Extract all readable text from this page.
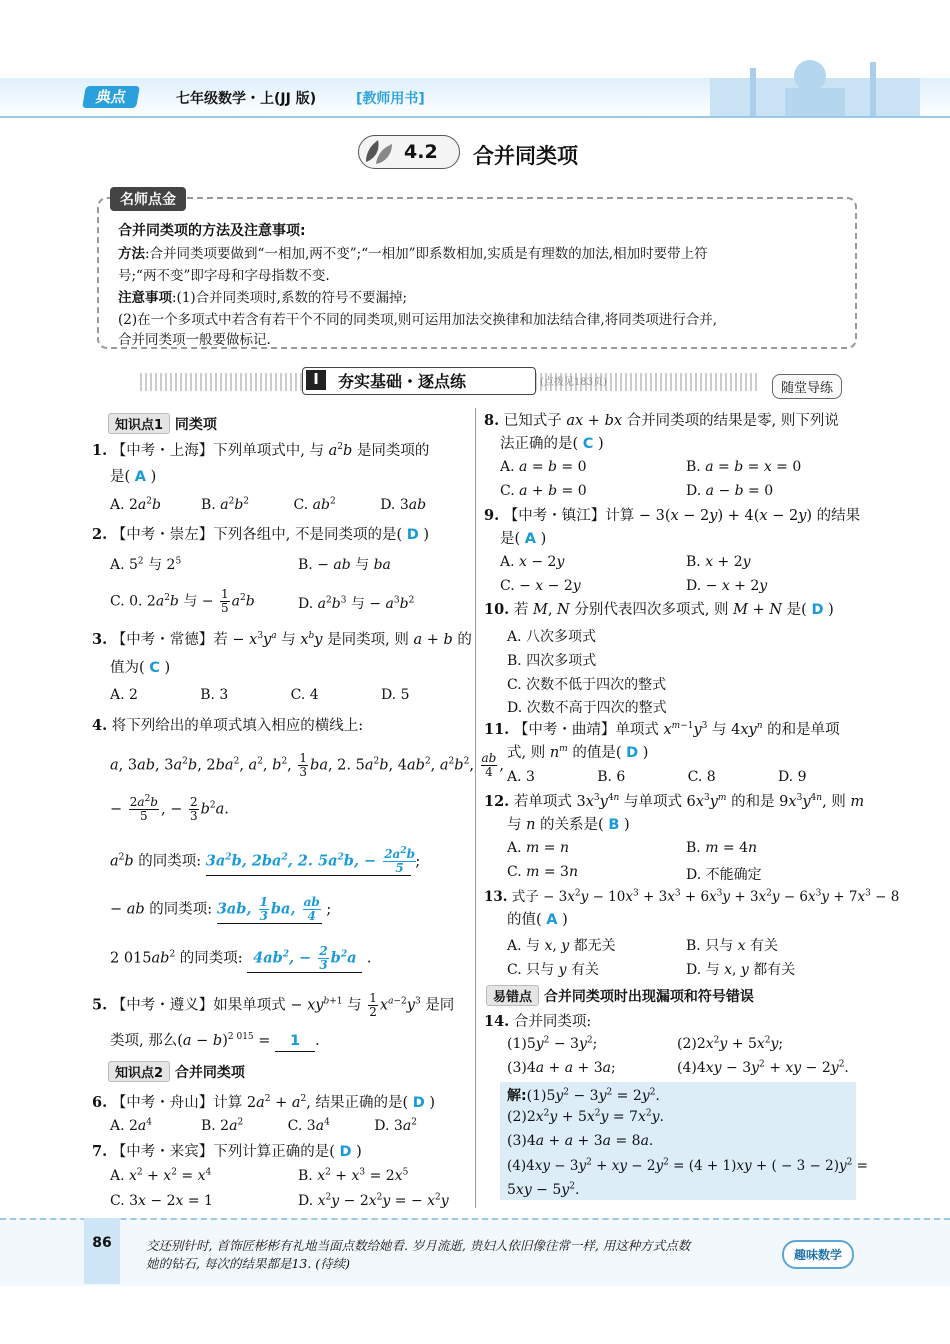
典点	七年级数学・上(JJ 版)	[教师用书]
4.2 合并同类项
名师点金
合并同类项的方法及注意事项:
方法:合并同类项要做到“一相加,两不变”;“一相加”即系数相加,实质是有理数的加法,相加时要带上符
号;“两不变”即字母和字母指数不变.
注意事项:(1)合并同类项时,系数的符号不要漏掉;
(2)在一个多项式中若含有若干个不同的同类项,则可运用加法交换律和加法结合律,将同类项进行合并,
合并同类项一般要做标记.
I	夯实基础・逐点练	(点拨见183页)	随堂导练
知识点1 同类项
1. 【中考・上海】下列单项式中, 与 $a^2b$ 是同类项的
是( A )
A. $2a^2b$         B. $a^2b^2$          C. $ab^2$          D. 3ab
2. 【中考・崇左】下列各组中, 不是同类项的是( D )
A. $5^2$ 与 $2^5$	B. − ab 与 ba
C. 0. $2a^2b$ 与 − $\frac{1}{5} a^2b$	D. $a^2b^3$ 与 − $a^3b^2$
3. 【中考・常德】若 − $x^3y^a$ 与 $x^by$ 是同类项, 则 a + b 的
值为( C )
A. 2              B. 3              C. 4              D. 5
4. 将下列给出的单项式填入相应的横线上:
a, 3ab, $3a^2b$, $2ba^2$, $a^2$, $b^2$, $\frac{1}{3}$ ba, 2. $5a^2b$, $4ab^2$, $a^2b^2$, $\frac{ab}{4}$ ,
− $\frac{2a^2b}{5}$ , − $\frac{2}{3} b^2a$.
$a^2b$ 的同类项: $3a^2b$, $2ba^2$, 2. $5a^2b$, − $\frac{2a^2b}{5}$
;
− ab 的同类项: 3ab, $\frac{1}{3}$ ba, $\frac{ab}{4}$ ;
2 $015ab^2$ 的同类项: $4ab^2$, − $\frac{2}{3} b^2a$ .
5. 【中考・遵义】如果单项式 − $xy^{b+1}$ 与 $\frac{1}{2} x^{a-2}y^3$ 是同
类项, 那么$(a - b)^{2 015} = 1$ .
知识点2 合并同类项
6. 【中考・舟山】计算 $2a^2 + a^2$, 结果正确的是( D )
A. $2a^4$           B. $2a^2$          C. $3a^4$          D. $3a^2$
7. 【中考・来宾】下列计算正确的是( D )
A. $x^2 + x^2 = x^4$	B. $x^2 + x^3 = 2x^5$
C. 3x − 2x = 1	D. $x^2y - 2x^2y$ = − $x^2y$
8. 已知式子 ax + bx 合并同类项的结果是零, 则下列说
法正确的是( C )
A. a = b = 0	B. a = b = x = 0
C. a + b = 0	D. a − b = 0
9. 【中考・镇江】计算 − 3(x − 2y) + 4(x − 2y) 的结果
是( A )
A. x − 2y	B. x + 2y
C. − x − 2y	D. − x + 2y
10. 若 M, N 分别代表四次多项式, 则 M + N 是( D )
A. 八次多项式
B. 四次多项式
C. 次数不低于四次的整式
D. 次数不高于四次的整式
11. 【中考・曲靖】单项式 $x^{m-1}y^3$ 与 $4xy^n$ 的和是单项
式, 则 $n^m$ 的值是( D )
A. 3              B. 6              C. 8              D. 9
12. 若单项式 $3x^3y^{4n}$ 与单项式 $6x^3y^m$ 的和是 $9x^3y^{4n}$, 则 m
与 n 的关系是( B )
A. m = n	B. m = 4n
C. m = 3n	D. 不能确定
13. 式子 − $3x^2y - 10x^3 + 3x^3 + 6x^3y + 3x^2y - 6x^3y + 7x^3 - 8$
的值( A )
A. 与 x, y 都无关	B. 只与 x 有关
C. 只与 y 有关	D. 与 x, y 都有关
易错点 合并同类项时出现漏项和符号错误
14. 合并同类项:
$(1)5y^2 - 3y^2$;	$(2)2x^2y + 5x^2y$;
(3)4a + a + 3a;	$(4)4xy - 3y^2$ + xy − $2y^2$.
解$:(1)5y^2 - 3y^2 = 2y^2$.
$(2)2x^2y + 5x^2y = 7x^2y$.
(3)4a + a + 3a = 8a.
$(4)4xy - 3y^2$ + xy − $2y^2 = (4 + 1)xy$ + ( − $3 - 2)y^2$ =
$5xy - 5y^2$.
86	交还别针时, 首饰匠彬彬有礼地当面点数给她看. 岁月流逝, 贵妇人依旧像往常一样, 用这种方式点数
她的钻石, 每次的结果都是13. (待续)
趣味数学
